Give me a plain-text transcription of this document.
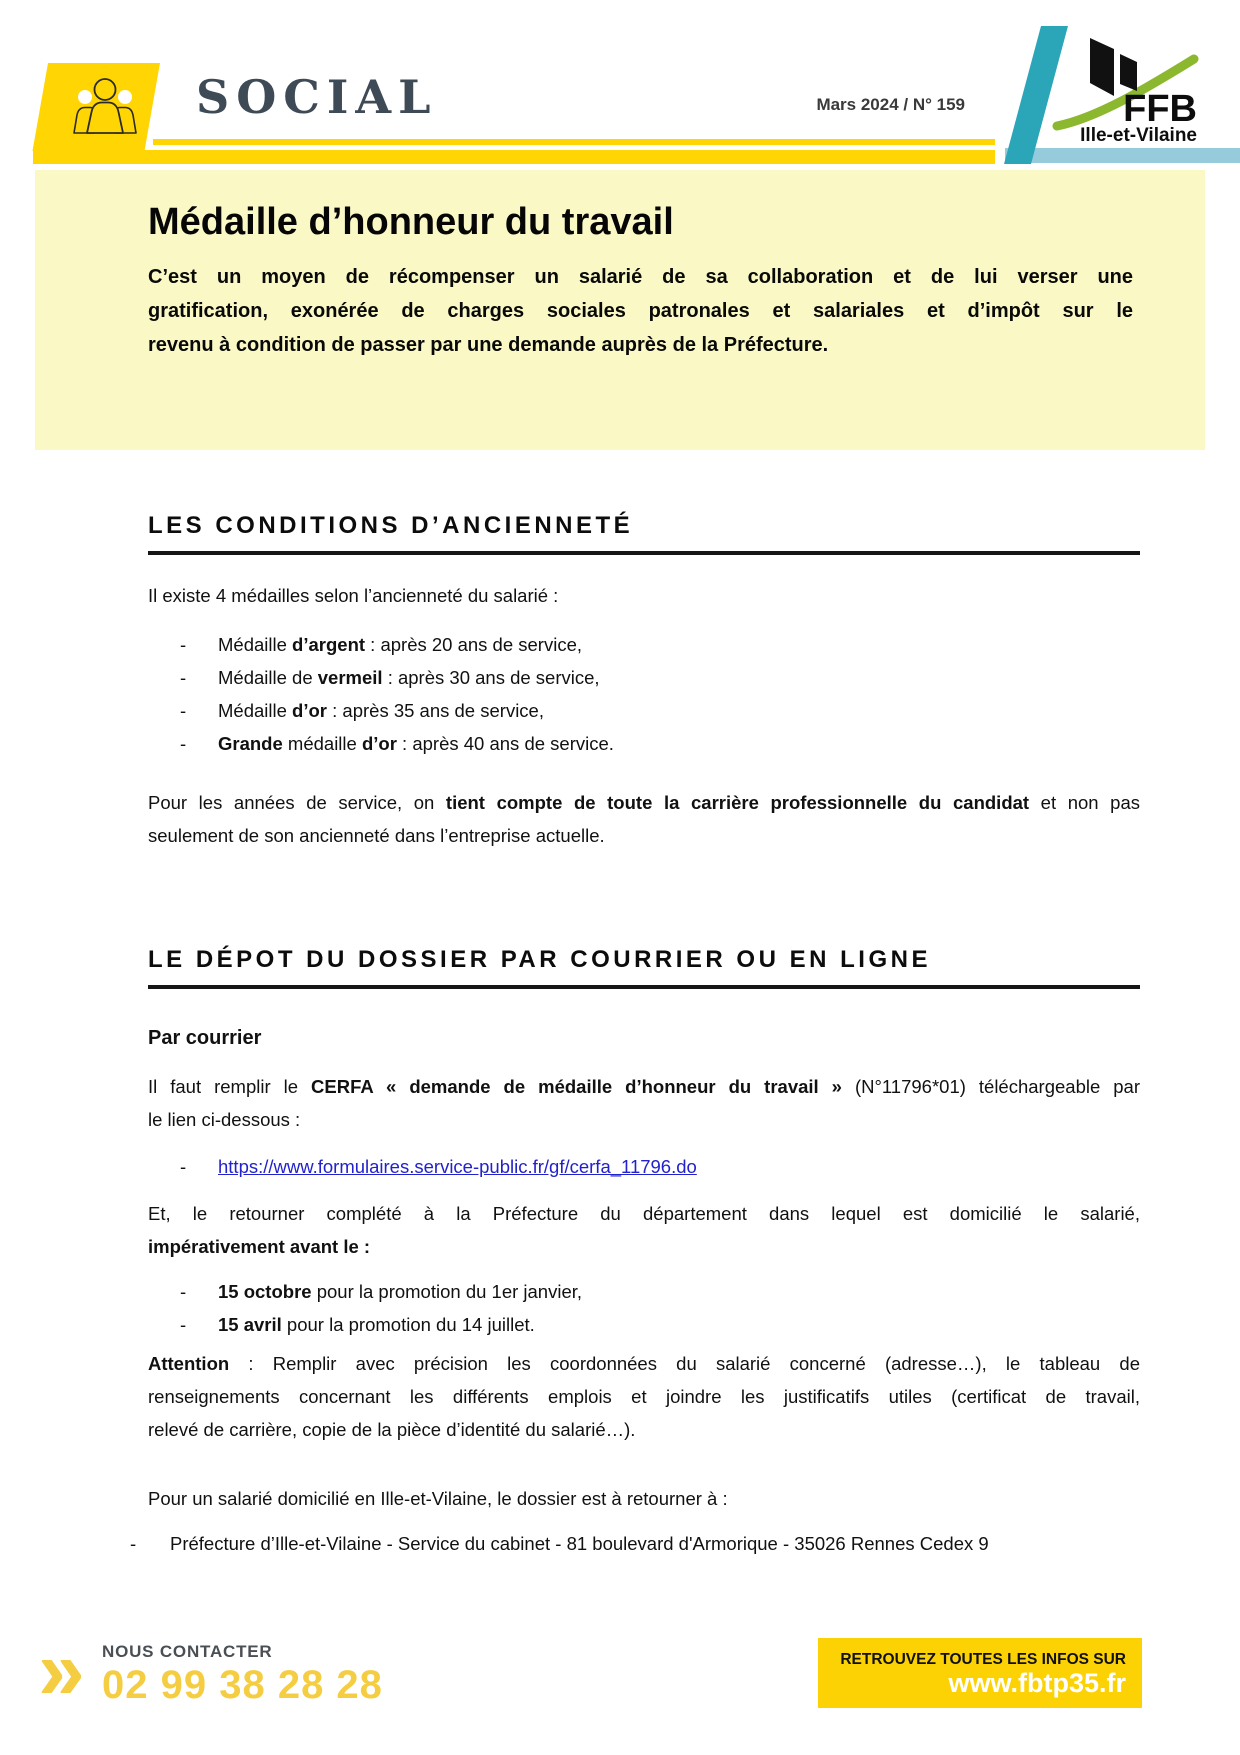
SOCIAL	Mars 2024 / N° 159	FFB
Ille-et-Vilaine
Médaille d’honneur du travail
C’est un moyen de récompenser un salarié de sa collaboration et de lui verser une
gratification, exonérée de charges sociales patronales et salariales et d’impôt sur le
revenu à condition de passer par une demande auprès de la Préfecture.
LES CONDITIONS D’ANCIENNETÉ
Il existe 4 médailles selon l’ancienneté du salarié :
- Médaille d’argent : après 20 ans de service,
- Médaille de vermeil : après 30 ans de service,
- Médaille d’or : après 35 ans de service,
- Grande médaille d’or : après 40 ans de service.
Pour les années de service, on tient compte de toute la carrière professionnelle du candidat et non pas
seulement de son ancienneté dans l’entreprise actuelle.
LE DÉPOT DU DOSSIER PAR COURRIER OU EN LIGNE
Par courrier
Il faut remplir le CERFA « demande de médaille d’honneur du travail » (N°11796*01) téléchargeable par
le lien ci-dessous :
- https://www.formulaires.service-public.fr/gf/cerfa_11796.do
Et, le retourner complété à la Préfecture du département dans lequel est domicilié le salarié,
impérativement avant le :
- 15 octobre pour la promotion du 1er janvier,
- 15 avril pour la promotion du 14 juillet.
Attention : Remplir avec précision les coordonnées du salarié concerné (adresse…), le tableau de
renseignements concernant les différents emplois et joindre les justificatifs utiles (certificat de travail,
relevé de carrière, copie de la pièce d’identité du salarié…).
Pour un salarié domicilié en Ille-et-Vilaine, le dossier est à retourner à :
- Préfecture d’Ille-et-Vilaine - Service du cabinet - 81 boulevard d'Armorique - 35026 Rennes Cedex 9
» NOUS CONTACTER
02 99 38 28 28
RETROUVEZ TOUTES LES INFOS SUR
www.fbtp35.fr
